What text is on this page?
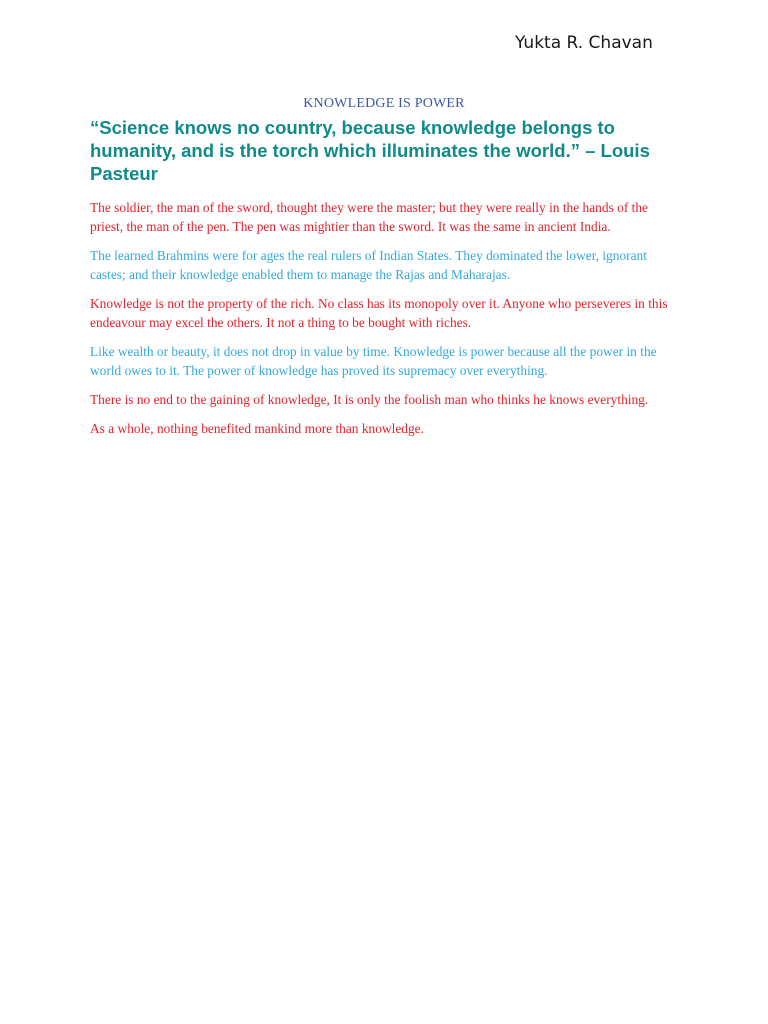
Yukta R. Chavan
KNOWLEDGE IS POWER
“Science knows no country, because knowledge belongs to humanity, and is the torch which illuminates the world.” – Louis Pasteur

The soldier, the man of the sword, thought they were the master; but they were really in the hands of the priest, the man of the pen. The pen was mightier than the sword. It was the same in ancient India.

The learned Brahmins were for ages the real rulers of Indian States. They dominated the lower, ignorant castes; and their knowledge enabled them to manage the Rajas and Maharajas.

Knowledge is not the property of the rich. No class has its monopoly over it. Anyone who perseveres in this endeavour may excel the others. It not a thing to be bought with riches.

Like wealth or beauty, it does not drop in value by time. Knowledge is power because all the power in the world owes to it. The power of knowledge has proved its supremacy over everything.

There is no end to the gaining of knowledge, It is only the foolish man who thinks he knows everything.

As a whole, nothing benefited mankind more than knowledge.
